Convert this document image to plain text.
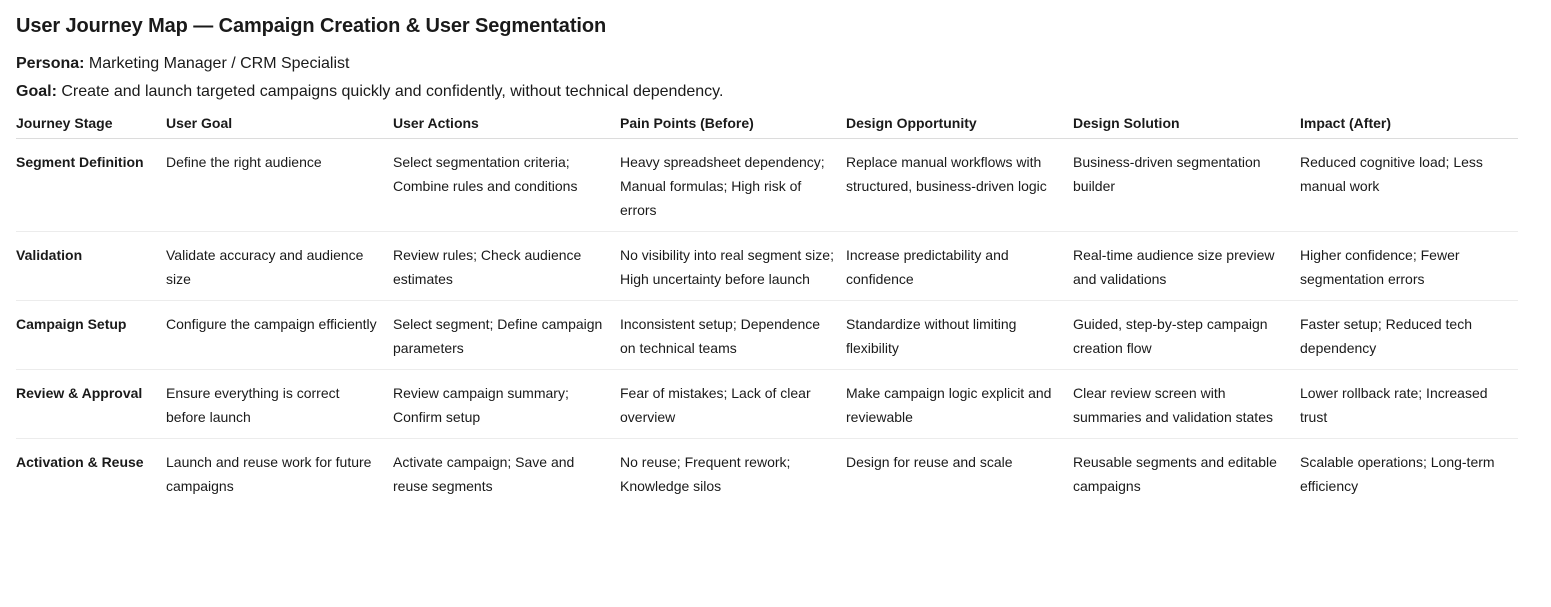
User Journey Map — Campaign Creation & User Segmentation

Persona: Marketing Manager / CRM Specialist

Goal: Create and launch targeted campaigns quickly and confidently, without technical dependency.

Journey Stage	User Goal	User Actions	Pain Points (Before)	Design Opportunity	Design Solution	Impact (After)
Segment Definition	Define the right audience	Select segmentation criteria; Combine rules and conditions	Heavy spreadsheet dependency; Manual formulas; High risk of errors	Replace manual workflows with structured, business-driven logic	Business-driven segmentation builder	Reduced cognitive load; Less manual work
Validation	Validate accuracy and audience size	Review rules; Check audience estimates	No visibility into real segment size; High uncertainty before launch	Increase predictability and confidence	Real-time audience size preview and validations	Higher confidence; Fewer segmentation errors
Campaign Setup	Configure the campaign efficiently	Select segment; Define campaign parameters	Inconsistent setup; Dependence on technical teams	Standardize without limiting flexibility	Guided, step-by-step campaign creation flow	Faster setup; Reduced tech dependency
Review & Approval	Ensure everything is correct before launch	Review campaign summary; Confirm setup	Fear of mistakes; Lack of clear overview	Make campaign logic explicit and reviewable	Clear review screen with summaries and validation states	Lower rollback rate; Increased trust
Activation & Reuse	Launch and reuse work for future campaigns	Activate campaign; Save and reuse segments	No reuse; Frequent rework; Knowledge silos	Design for reuse and scale	Reusable segments and editable campaigns	Scalable operations; Long-term efficiency
